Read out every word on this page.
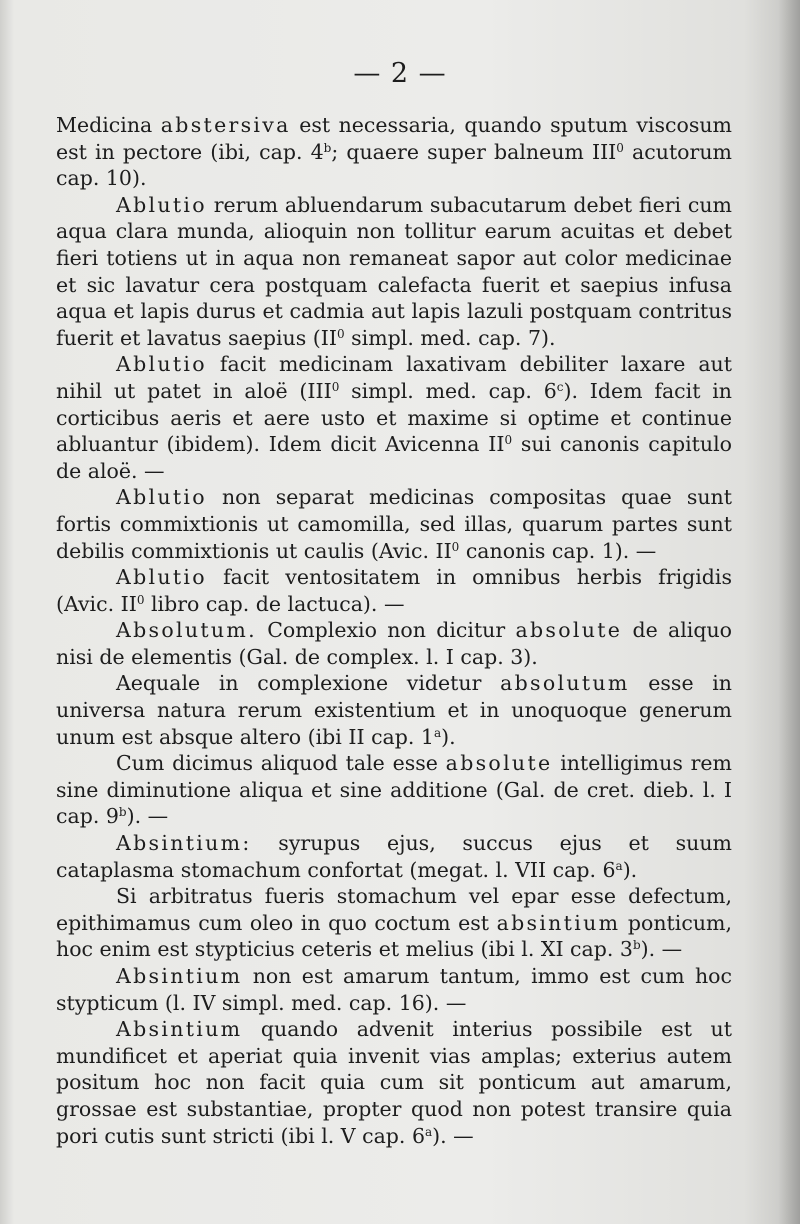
— 2 —

Medicina abstersiva est necessaria, quando sputum viscosum est in pectore (ibi, cap. 4$^b$; quaere super balneum III$^0$ acutorum cap. 10).

Ablutio rerum abluendarum subacutarum debet fieri cum aqua clara munda, alioquin non tollitur earum acuitas et debet fieri totiens ut in aqua non remaneat sapor aut color medicinae et sic lavatur cera postquam calefacta fuerit et saepius infusa aqua et lapis durus et cadmia aut lapis lazuli postquam contritus fuerit et lavatus saepius ($II^0$ simpl. med. cap. 7).

Ablutio facit medicinam laxativam debiliter laxare aut nihil ut patet in aloë (III$^0$ simpl. med. cap. 6$^c$). Idem facit in corticibus aeris et aere usto et maxime si optime et continue abluantur (ibidem). Idem dicit Avicenna $II^0$ sui canonis capitulo de aloë. —

Ablutio non separat medicinas compositas quae sunt fortis commixtionis ut camomilla, sed illas, quarum partes sunt debilis commixtionis ut caulis (Avic. $II^0$ canonis cap. 1). —

Ablutio facit ventositatem in omnibus herbis frigidis (Avic. $II^0$ libro cap. de lactuca). —

Absolutum. Complexio non dicitur absolute de aliquo nisi de elementis (Gal. de complex. l. I cap. 3).

Aequale in complexione videtur absolutum esse in universa natura rerum existentium et in unoquoque generum unum est absque altero (ibi II cap. 1$^a$).

Cum dicimus aliquod tale esse absolute intelligimus rem sine diminutione aliqua et sine additione (Gal. de cret. dieb. l. I cap. 9$^b$). —

Absintium: syrupus ejus, succus ejus et suum cataplasma stomachum confortat (megat. l. VII cap. 6$^a$).

Si arbitratus fueris stomachum vel epar esse defectum, epithimamus cum oleo in quo coctum est absintium ponticum, hoc enim est stypticius ceteris et melius (ibi l. XI cap. 3$^b$). —

Absintium non est amarum tantum, immo est cum hoc stypticum (l. IV simpl. med. cap. 16). —

Absintium quando advenit interius possibile est ut mundificet et aperiat quia invenit vias amplas; exterius autem positum hoc non facit quia cum sit ponticum aut amarum, grossae est substantiae, propter quod non potest transire quia pori cutis sunt stricti (ibi l. V cap. 6$^a$). —
